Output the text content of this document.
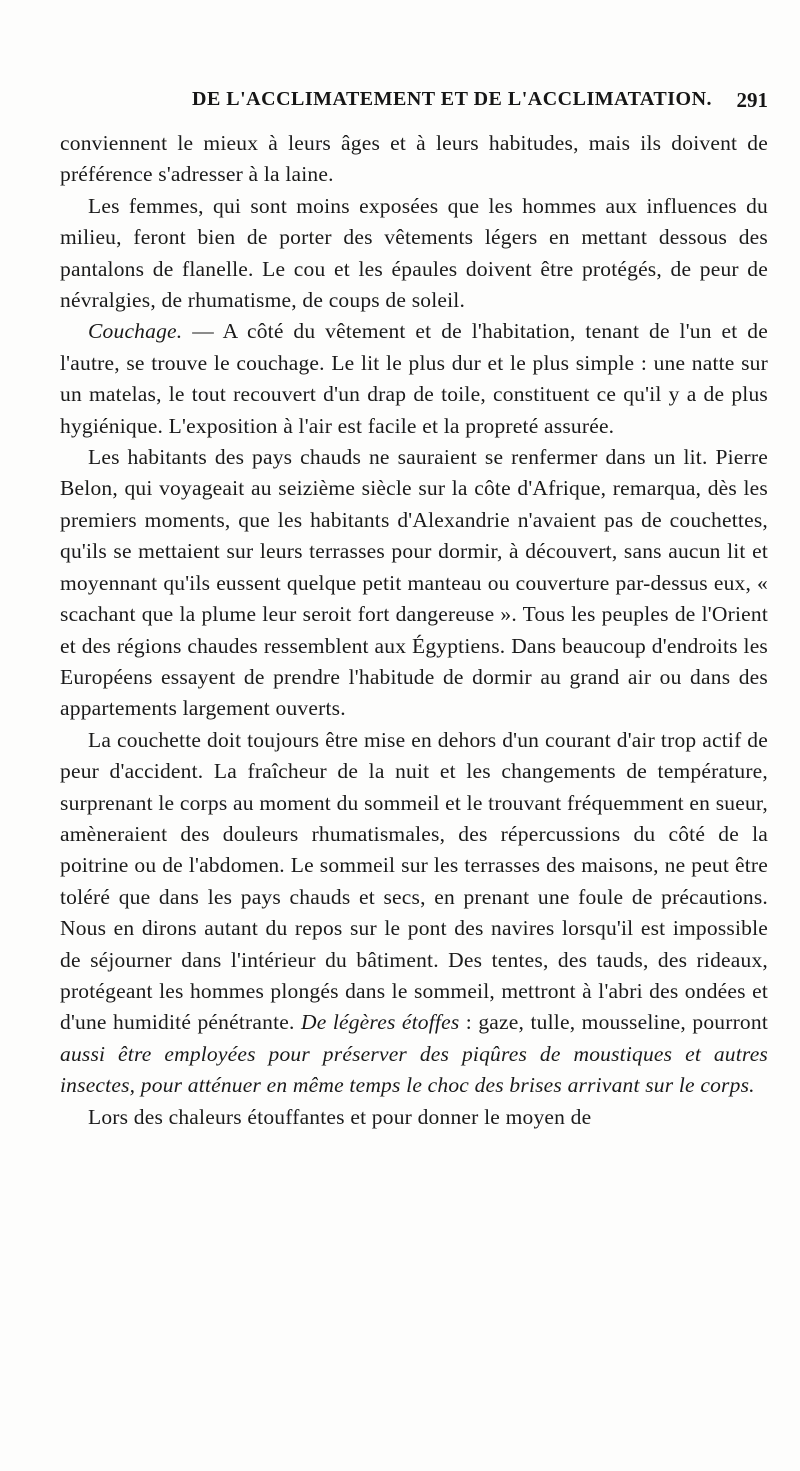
DE L'ACCLIMATEMENT ET DE L'ACCLIMATATION. 291

conviennent le mieux à leurs âges et à leurs habitudes, mais ils doivent de préférence s'adresser à la laine.

Les femmes, qui sont moins exposées que les hommes aux influences du milieu, feront bien de porter des vêtements légers en mettant dessous des pantalons de flanelle. Le cou et les épaules doivent être protégés, de peur de névralgies, de rhumatisme, de coups de soleil.

Couchage. — A côté du vêtement et de l'habitation, tenant de l'un et de l'autre, se trouve le couchage. Le lit le plus dur et le plus simple : une natte sur un matelas, le tout recouvert d'un drap de toile, constituent ce qu'il y a de plus hygiénique. L'exposition à l'air est facile et la propreté assurée.

Les habitants des pays chauds ne sauraient se renfermer dans un lit. Pierre Belon, qui voyageait au seizième siècle sur la côte d'Afrique, remarqua, dès les premiers moments, que les habitants d'Alexandrie n'avaient pas de couchettes, qu'ils se mettaient sur leurs terrasses pour dormir, à découvert, sans aucun lit et moyennant qu'ils eussent quelque petit manteau ou couverture par-dessus eux, « scachant que la plume leur seroit fort dangereuse ». Tous les peuples de l'Orient et des régions chaudes ressemblent aux Égyptiens. Dans beaucoup d'endroits les Européens essayent de prendre l'habitude de dormir au grand air ou dans des appartements largement ouverts.

La couchette doit toujours être mise en dehors d'un courant d'air trop actif de peur d'accident. La fraîcheur de la nuit et les changements de température, surprenant le corps au moment du sommeil et le trouvant fréquemment en sueur, amèneraient des douleurs rhumatismales, des répercussions du côté de la poitrine ou de l'abdomen. Le sommeil sur les terrasses des maisons, ne peut être toléré que dans les pays chauds et secs, en prenant une foule de précautions. Nous en dirons autant du repos sur le pont des navires lorsqu'il est impossible de séjourner dans l'intérieur du bâtiment. Des tentes, des tauds, des rideaux, protégeant les hommes plongés dans le sommeil, mettront à l'abri des ondées et d'une humidité pénétrante. De légères étoffes : gaze, tulle, mousseline, pourront aussi être employées pour préserver des piqûres de moustiques et autres insectes, pour atténuer en même temps le choc des brises arrivant sur le corps.

Lors des chaleurs étouffantes et pour donner le moyen de
